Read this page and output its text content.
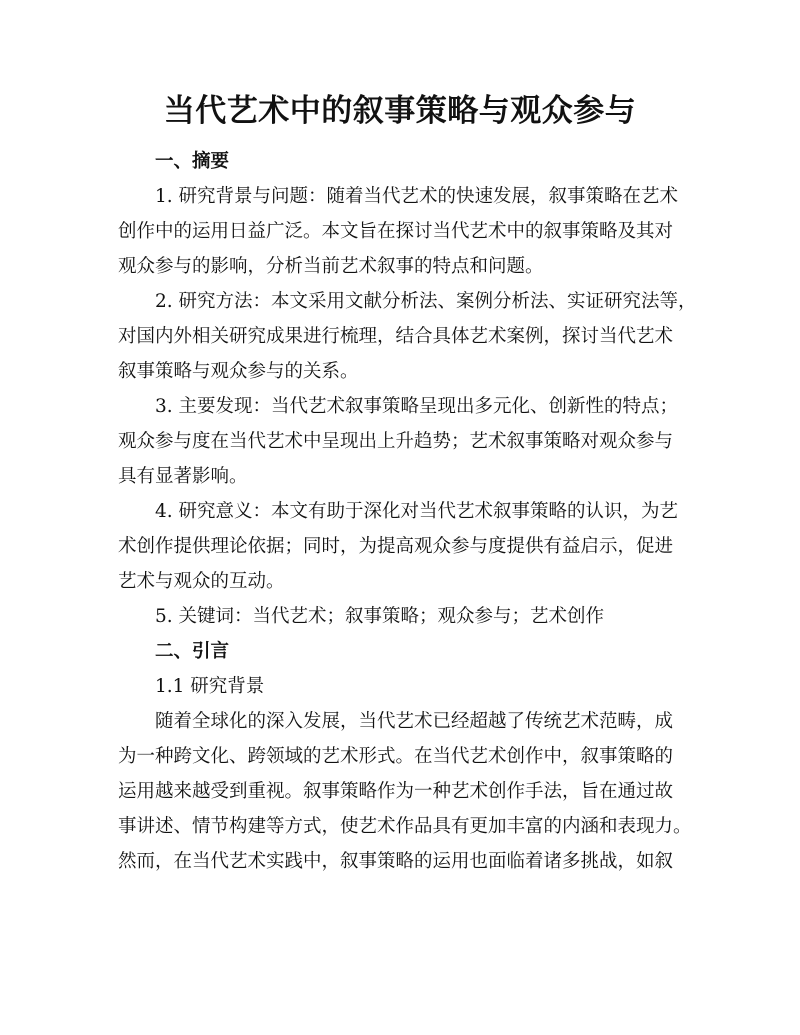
当代艺术中的叙事策略与观众参与
一、摘要
1. 研究背景与问题：随着当代艺术的快速发展，叙事策略在艺术
创作中的运用日益广泛。本文旨在探讨当代艺术中的叙事策略及其对
观众参与的影响，分析当前艺术叙事的特点和问题。
2. 研究方法：本文采用文献分析法、案例分析法、实证研究法等，
对国内外相关研究成果进行梳理，结合具体艺术案例，探讨当代艺术
叙事策略与观众参与的关系。
3. 主要发现：当代艺术叙事策略呈现出多元化、创新性的特点；
观众参与度在当代艺术中呈现出上升趋势；艺术叙事策略对观众参与
具有显著影响。
4. 研究意义：本文有助于深化对当代艺术叙事策略的认识，为艺
术创作提供理论依据；同时，为提高观众参与度提供有益启示，促进
艺术与观众的互动。
5. 关键词：当代艺术；叙事策略；观众参与；艺术创作
二、引言
1.1 研究背景
随着全球化的深入发展，当代艺术已经超越了传统艺术范畴，成
为一种跨文化、跨领域的艺术形式。在当代艺术创作中，叙事策略的
运用越来越受到重视。叙事策略作为一种艺术创作手法，旨在通过故
事讲述、情节构建等方式，使艺术作品具有更加丰富的内涵和表现力。
然而，在当代艺术实践中，叙事策略的运用也面临着诸多挑战，如叙
